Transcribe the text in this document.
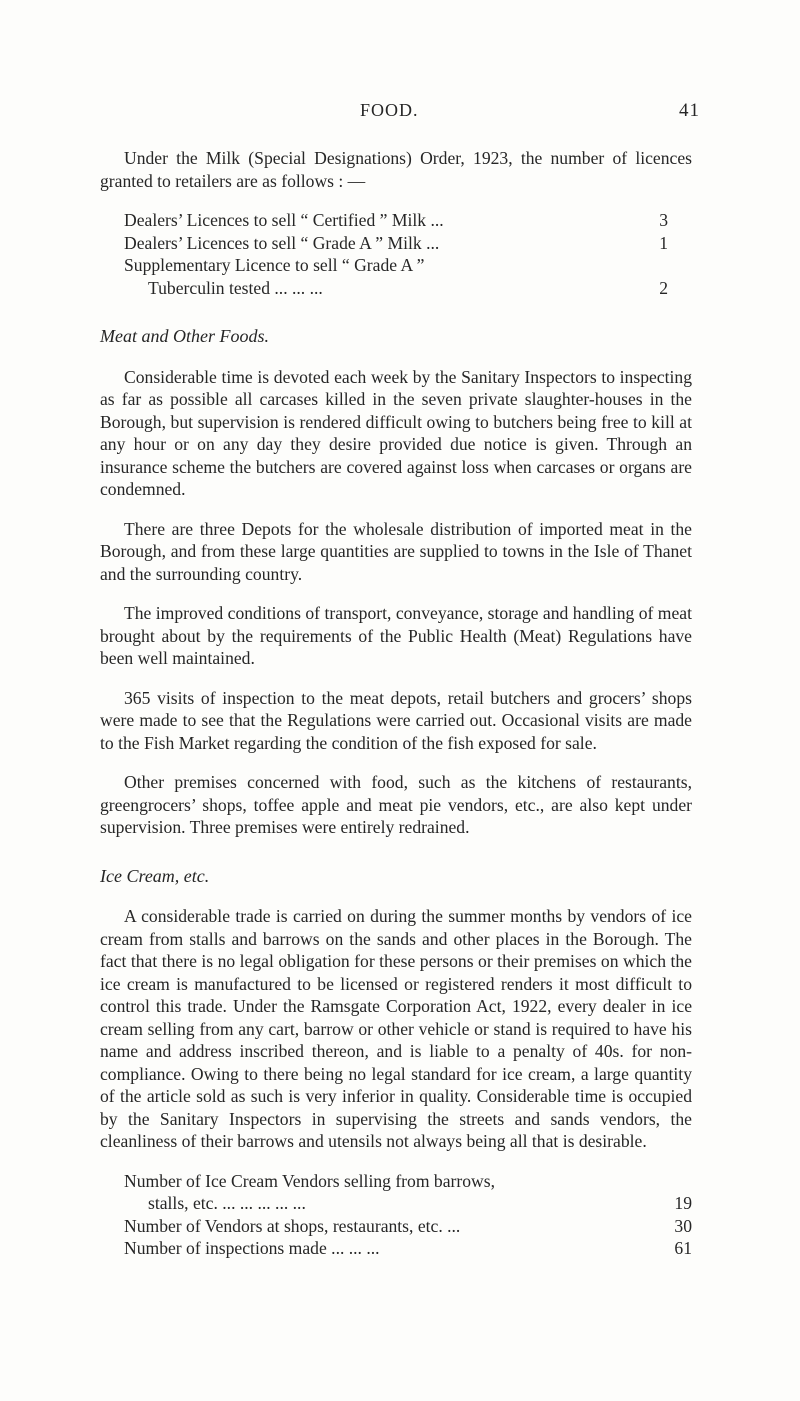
FOOD.	41

Under the Milk (Special Designations) Order, 1923, the number of licences granted to retailers are as follows : —

Dealers’ Licences to sell “ Certified ” Milk ...	3
Dealers’ Licences to sell “ Grade A ” Milk ...	1
Supplementary Licence to sell “ Grade A ”
Tuberculin tested ... ... ...	2
Meat and Other Foods.

Considerable time is devoted each week by the Sanitary Inspectors to inspecting as far as possible all carcases killed in the seven private slaughter-houses in the Borough, but supervision is rendered difficult owing to butchers being free to kill at any hour or on any day they desire provided due notice is given. Through an insurance scheme the butchers are covered against loss when carcases or organs are condemned.

There are three Depots for the wholesale distribution of imported meat in the Borough, and from these large quantities are supplied to towns in the Isle of Thanet and the surrounding country.

The improved conditions of transport, conveyance, storage and handling of meat brought about by the requirements of the Public Health (Meat) Regulations have been well maintained.

365 visits of inspection to the meat depots, retail butchers and grocers’ shops were made to see that the Regulations were carried out. Occasional visits are made to the Fish Market regarding the condition of the fish exposed for sale.

Other premises concerned with food, such as the kitchens of restaurants, greengrocers’ shops, toffee apple and meat pie vendors, etc., are also kept under supervision. Three premises were entirely redrained.

Ice Cream, etc.

A considerable trade is carried on during the summer months by vendors of ice cream from stalls and barrows on the sands and other places in the Borough. The fact that there is no legal obligation for these persons or their premises on which the ice cream is manufactured to be licensed or registered renders it most difficult to control this trade. Under the Ramsgate Corporation Act, 1922, every dealer in ice cream selling from any cart, barrow or other vehicle or stand is required to have his name and address inscribed thereon, and is liable to a penalty of 40s. for non-compliance. Owing to there being no legal standard for ice cream, a large quantity of the article sold as such is very inferior in quality. Considerable time is occupied by the Sanitary Inspectors in supervising the streets and sands vendors, the cleanliness of their barrows and utensils not always being all that is desirable.

Number of Ice Cream Vendors selling from barrows,
stalls, etc. ... ... ... ... ...	19
Number of Vendors at shops, restaurants, etc. ...	30
Number of inspections made ... ... ...	61
